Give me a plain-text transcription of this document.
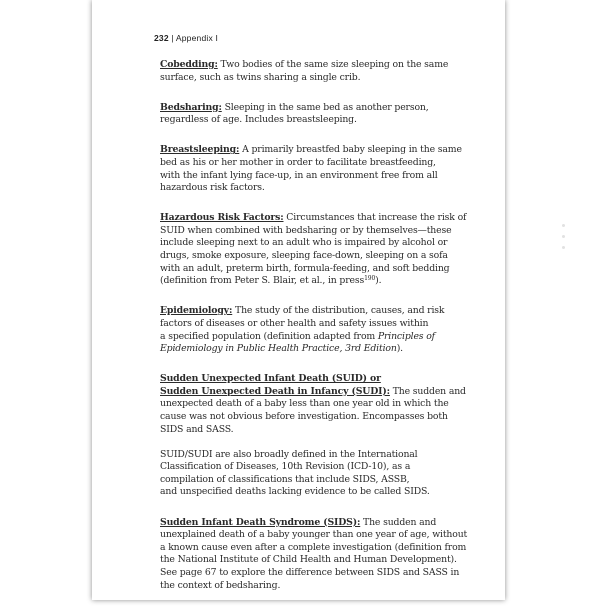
232 | Appendix I
Cobedding: Two bodies of the same size sleeping on the same
surface, such as twins sharing a single crib.
Bedsharing: Sleeping in the same bed as another person,
regardless of age. Includes breastsleeping.
Breastsleeping: A primarily breastfed baby sleeping in the same
bed as his or her mother in order to facilitate breastfeeding,
with the infant lying face-up, in an environment free from all
hazardous risk factors.
Hazardous Risk Factors: Circumstances that increase the risk of
SUID when combined with bedsharing or by themselves—these
include sleeping next to an adult who is impaired by alcohol or
drugs, smoke exposure, sleeping face-down, sleeping on a sofa
with an adult, preterm birth, formula-feeding, and soft bedding
(definition from Peter S. Blair, et al., in press$^{190}$).
Epidemiology: The study of the distribution, causes, and risk
factors of diseases or other health and safety issues within
a specified population (definition adapted from Principles of
Epidemiology in Public Health Practice, 3rd Edition).
Sudden Unexpected Infant Death (SUID) or
Sudden Unexpected Death in Infancy (SUDI): The sudden and
unexpected death of a baby less than one year old in which the
cause was not obvious before investigation. Encompasses both
SIDS and SASS.
SUID/SUDI are also broadly defined in the International
Classification of Diseases, 10th Revision (ICD-10), as a
compilation of classifications that include SIDS, ASSB,
and unspecified deaths lacking evidence to be called SIDS.
Sudden Infant Death Syndrome (SIDS): The sudden and
unexplained death of a baby younger than one year of age, without
a known cause even after a complete investigation (definition from
the National Institute of Child Health and Human Development).
See page 67 to explore the difference between SIDS and SASS in
the context of bedsharing.
